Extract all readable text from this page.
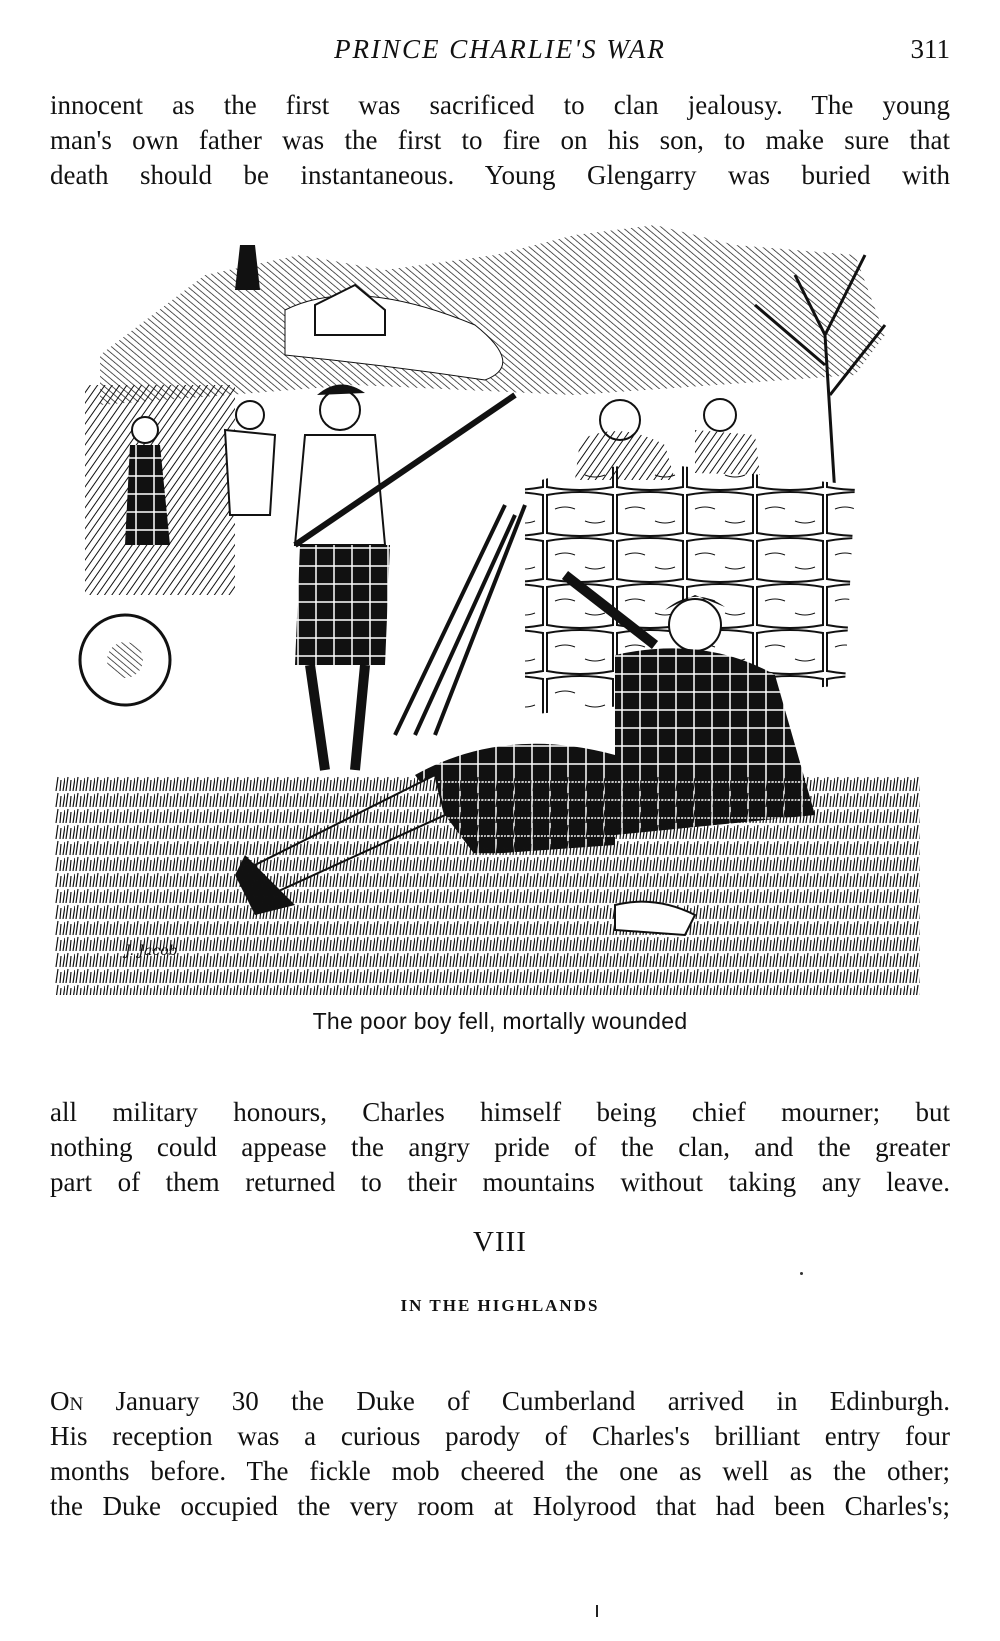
PRINCE CHARLIE'S WAR	311
innocent as the first was sacrificed to clan jealousy. The young
man's own father was the first to fire on his son, to make sure that
death should be instantaneous. Young Glengarry was buried with
J. Jacob
The poor boy fell, mortally wounded
all military honours, Charles himself being chief mourner; but
nothing could appease the angry pride of the clan, and the greater
part of them returned to their mountains without taking any leave.
VIII
IN THE HIGHLANDS
On January 30 the Duke of Cumberland arrived in Edinburgh.
His reception was a curious parody of Charles's brilliant entry four
months before. The fickle mob cheered the one as well as the other;
the Duke occupied the very room at Holyrood that had been Charles's;
